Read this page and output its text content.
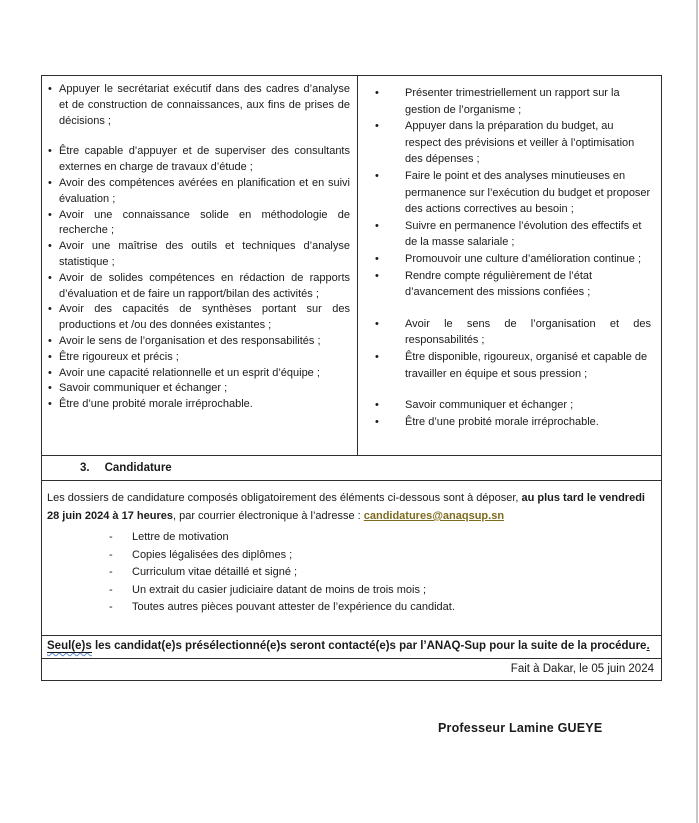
• Appuyer le secrétariat exécutif dans des cadres d’analyse et de construction de connaissances, aux fins de prises de décisions ;
• Être capable d’appuyer et de superviser des consultants externes en charge de travaux d’étude ;
• Avoir des compétences avérées en planification et en suivi évaluation ;
• Avoir une connaissance solide en méthodologie de recherche ;
• Avoir une maîtrise des outils et techniques d’analyse statistique ;
• Avoir de solides compétences en rédaction de rapports d’évaluation et de faire un rapport/bilan des activités ;
• Avoir des capacités de synthèses portant sur des productions et /ou des données existantes ;
• Avoir le sens de l’organisation et des responsabilités ;
• Être rigoureux et précis ;
• Avoir une capacité relationnelle et un esprit d’équipe ;
• Savoir communiquer et échanger ;
• Être d’une probité morale irréprochable.
• Présenter trimestriellement un rapport sur la gestion de l’organisme ;
• Appuyer dans la préparation du budget, au respect des prévisions et veiller à l’optimisation des dépenses ;
• Faire le point et des analyses minutieuses en permanence sur l’exécution du budget et proposer des actions correctives au besoin ;
• Suivre en permanence l’évolution des effectifs et de la masse salariale ;
• Promouvoir une culture d’amélioration continue ;
• Rendre compte régulièrement de l’état d’avancement des missions confiées ;
• Avoir le sens de l’organisation et des responsabilités ;
• Être disponible, rigoureux, organisé et capable de travailler en équipe et sous pression ;
• Savoir communiquer et échanger ;
• Être d’une probité morale irréprochable.
3. Candidature

Les dossiers de candidature composés obligatoirement des éléments ci-dessous sont à déposer, au plus tard le vendredi 28 juin 2024 à 17 heures, par courrier électronique à l’adresse : candidatures@anaqsup.sn

- Lettre de motivation
- Copies légalisées des diplômes ;
- Curriculum vitae détaillé et signé ;
- Un extrait du casier judiciaire datant de moins de trois mois ;
- Toutes autres pièces pouvant attester de l’expérience du candidat.
Seul(e)s les candidat(e)s présélectionné(e)s seront contacté(e)s par l’ANAQ-Sup pour la suite de la procédure.
Fait à Dakar, le 05 juin 2024
Professeur Lamine GUEYE
